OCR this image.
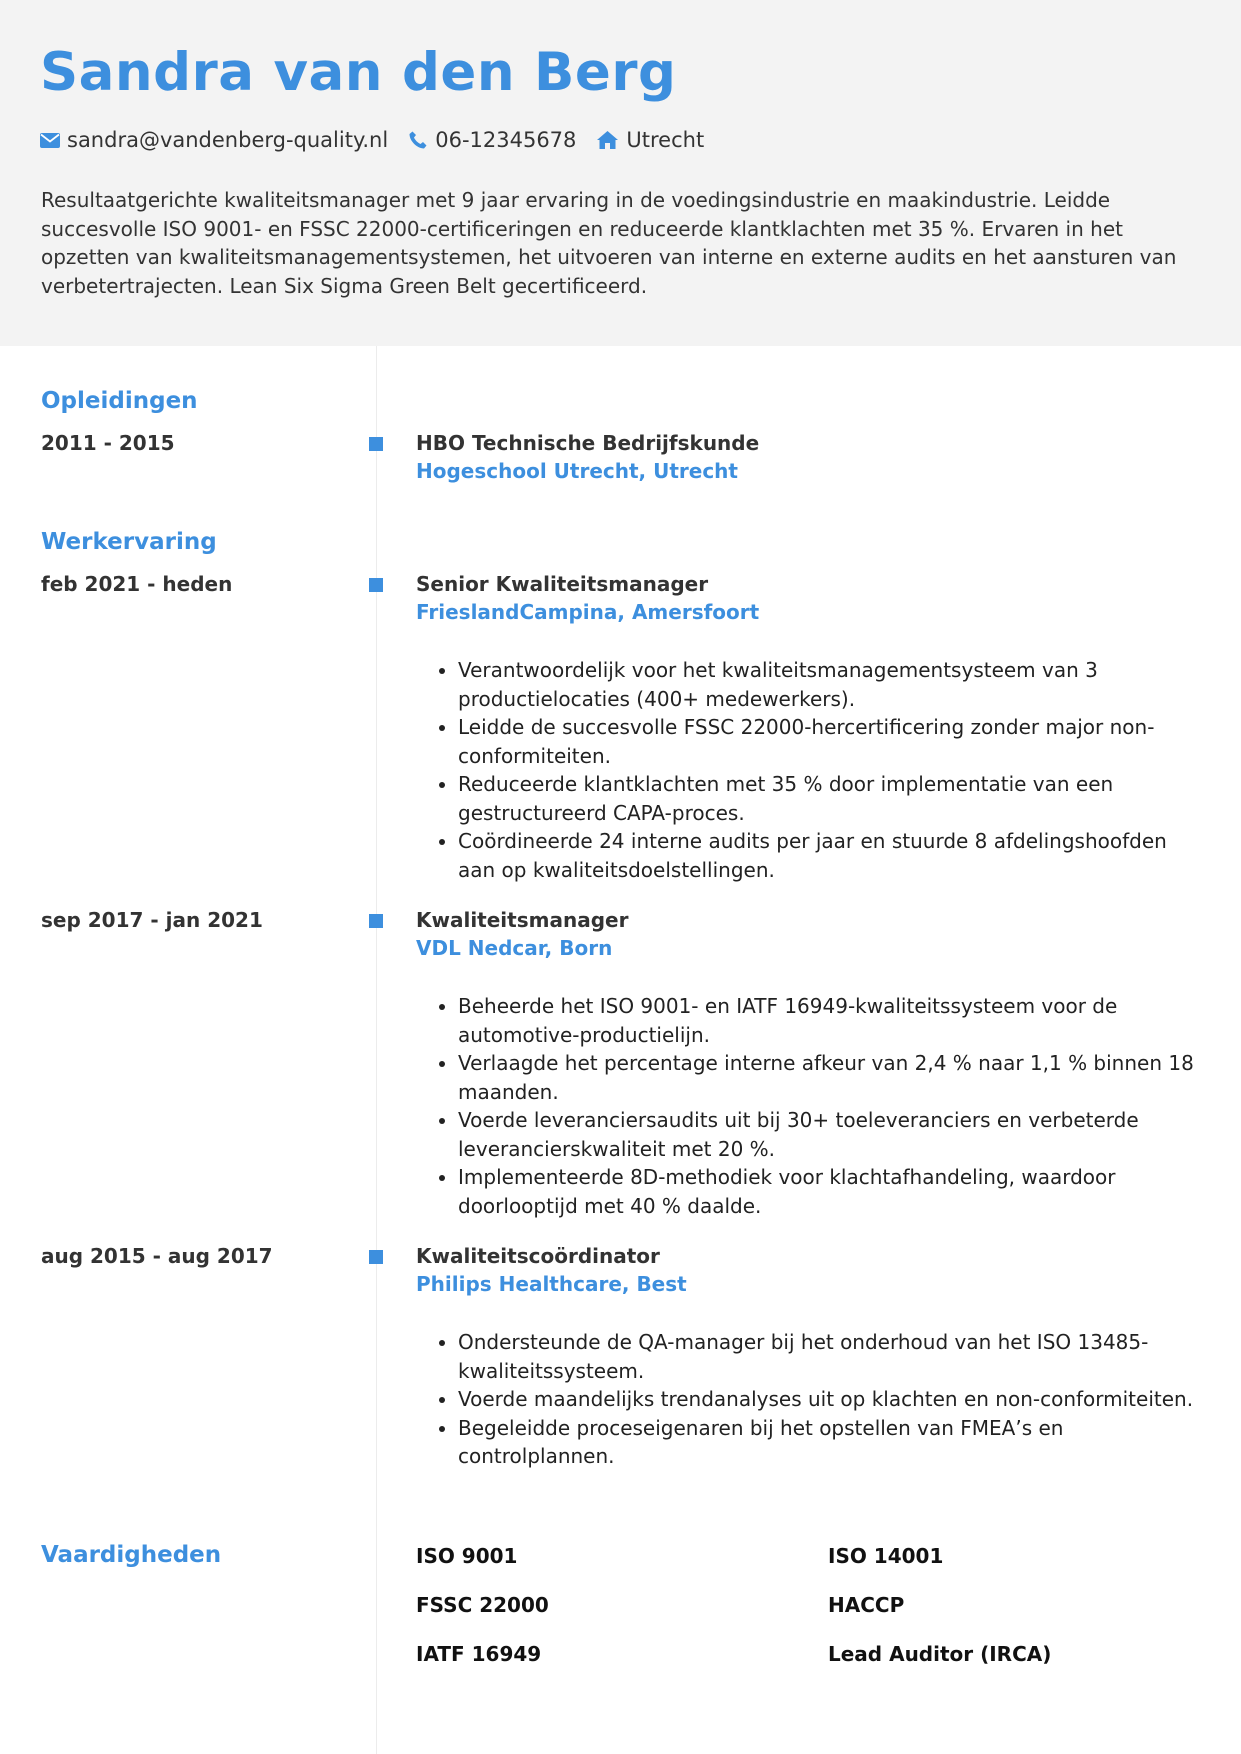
Sandra van den Berg
sandra@vandenberg-quality.nl 06-12345678 Utrecht

Resultaatgerichte kwaliteitsmanager met 9 jaar ervaring in de voedingsindustrie en maakindustrie. Leidde succesvolle ISO 9001- en FSSC 22000-certificeringen en reduceerde klantklachten met 35 %. Ervaren in het opzetten van kwaliteitsmanagementsystemen, het uitvoeren van interne en externe audits en het aansturen van verbetertrajecten. Lean Six Sigma Green Belt gecertificeerd.

Opleidingen
2011 - 2015	HBO Technische Bedrijfskunde
Hogeschool Utrecht, Utrecht
Werkervaring
feb 2021 - heden	Senior Kwaliteitsmanager
FrieslandCampina, Amersfoort
• Verantwoordelijk voor het kwaliteitsmanagementsysteem van 3 productielocaties (400+ medewerkers).
• Leidde de succesvolle FSSC 22000-hercertificering zonder major non-conformiteiten.
• Reduceerde klantklachten met 35 % door implementatie van een gestructureerd CAPA-proces.
• Coördineerde 24 interne audits per jaar en stuurde 8 afdelingshoofden aan op kwaliteitsdoelstellingen.
sep 2017 - jan 2021	Kwaliteitsmanager
VDL Nedcar, Born
• Beheerde het ISO 9001- en IATF 16949-kwaliteitssysteem voor de automotive-productielijn.
• Verlaagde het percentage interne afkeur van 2,4 % naar 1,1 % binnen 18 maanden.
• Voerde leveranciersaudits uit bij 30+ toeleveranciers en verbeterde leverancierskwaliteit met 20 %.
• Implementeerde 8D-methodiek voor klachtafhandeling, waardoor doorlooptijd met 40 % daalde.
aug 2015 - aug 2017	Kwaliteitscoördinator
Philips Healthcare, Best
• Ondersteunde de QA-manager bij het onderhoud van het ISO 13485-kwaliteitssysteem.
• Voerde maandelijks trendanalyses uit op klachten en non-conformiteiten.
• Begeleidde proceseigenaren bij het opstellen van FMEA’s en controlplannen.
Vaardigheden	ISO 9001	ISO 14001
FSSC 22000	HACCP
IATF 16949	Lead Auditor (IRCA)
